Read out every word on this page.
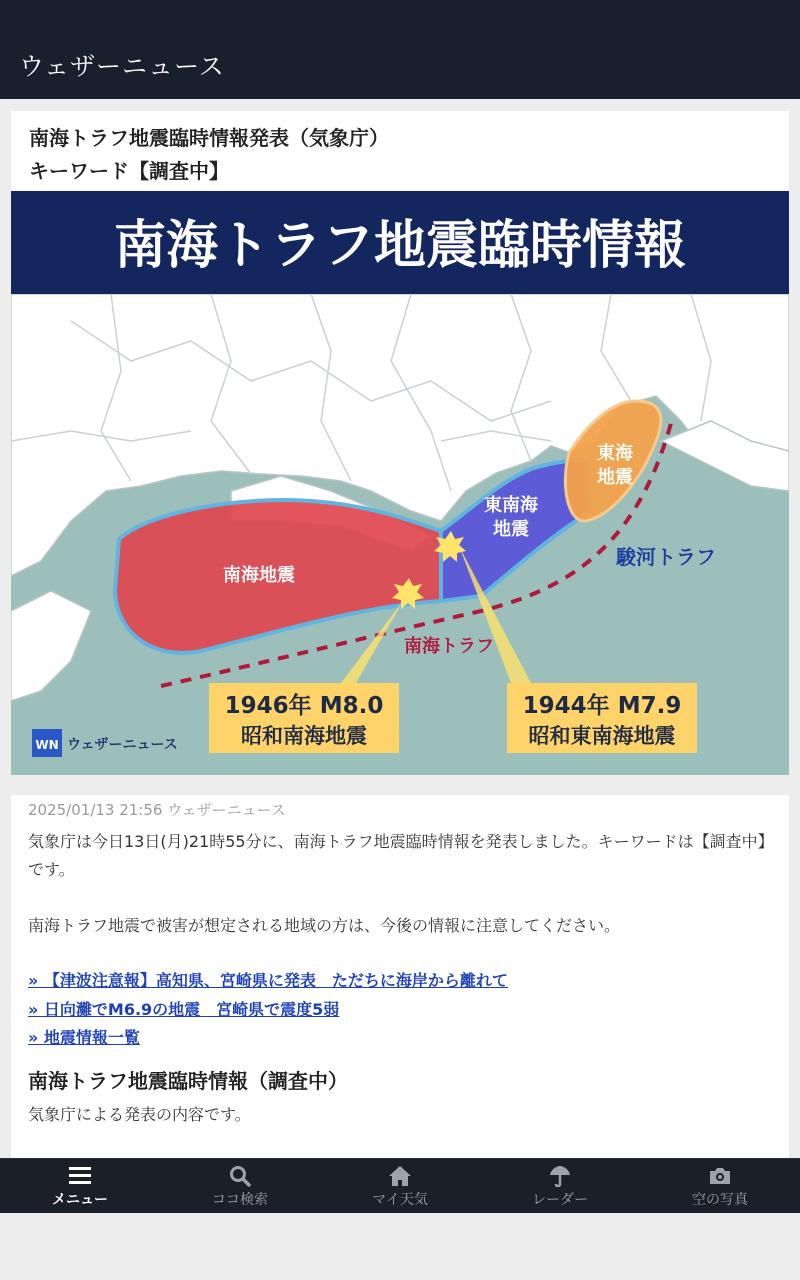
ウェザーニュース
南海トラフ地震臨時情報発表（気象庁）
キーワード【調査中】
南海トラフ地震臨時情報
南海地震
東南海
地震
東海
地震
駿河トラフ
南海トラフ
1946年 M8.0
昭和南海地震
1944年 M7.9
昭和東南海地震
WN ウェザーニュース
2025/01/13 21:56 ウェザーニュース
気象庁は今日13日(月)21時55分に、南海トラフ地震臨時情報を発表しました。キーワードは【調査中】です。
南海トラフ地震で被害が想定される地域の方は、今後の情報に注意してください。
» 【津波注意報】高知県、宮崎県に発表　ただちに海岸から離れて
» 日向灘でM6.9の地震　宮崎県で震度5弱
» 地震情報一覧
南海トラフ地震臨時情報（調査中）
気象庁による発表の内容です。
メニュー	ココ検索	マイ天気	レーダー	空の写真
